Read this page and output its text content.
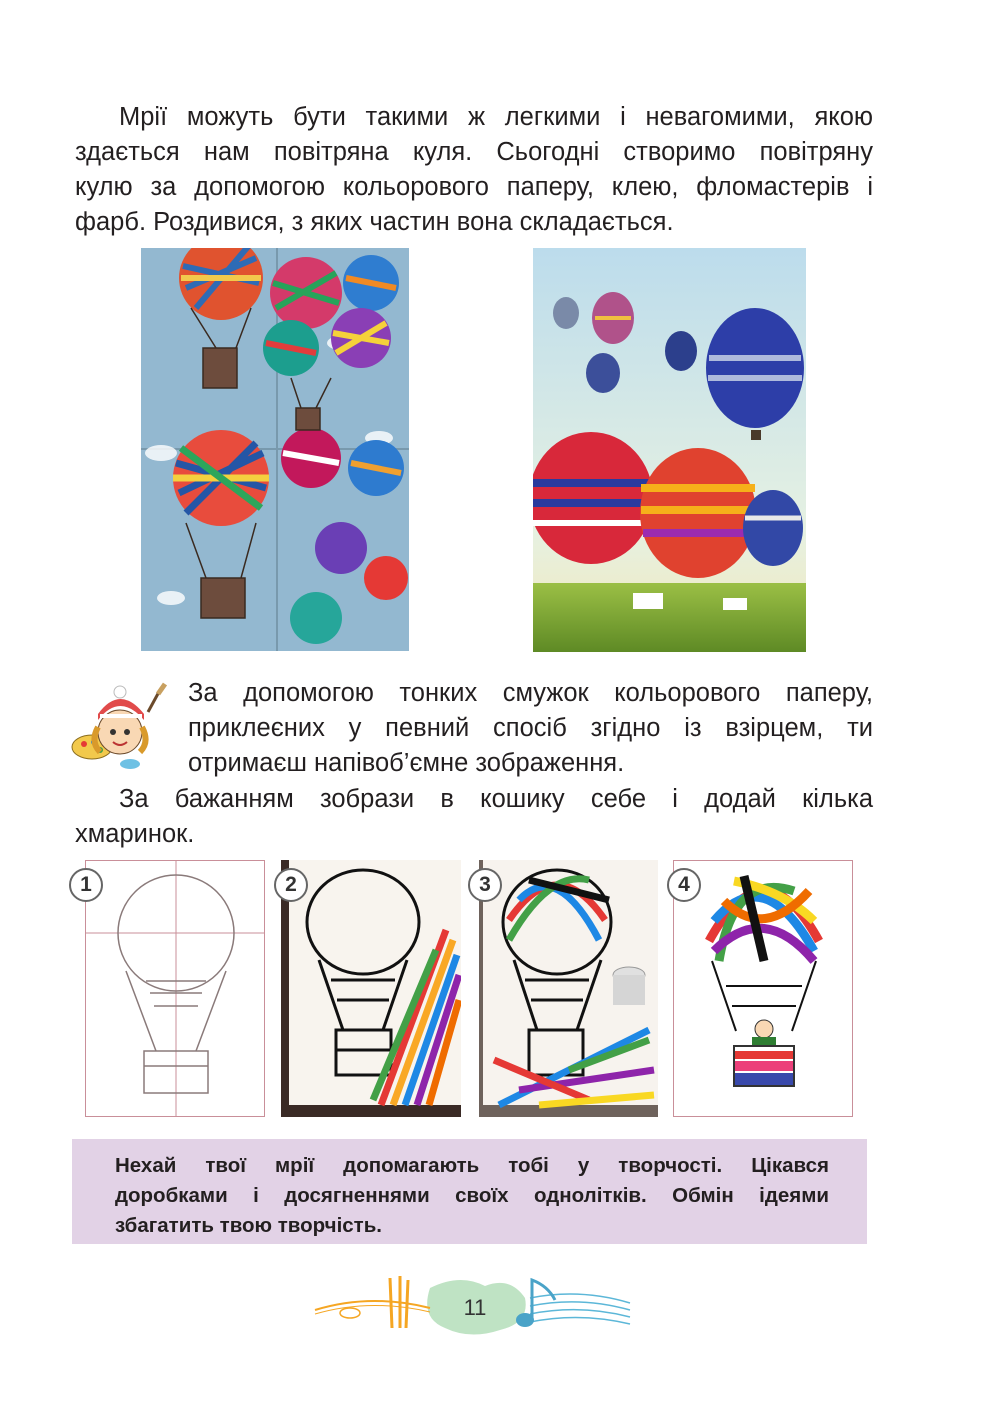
Мрії можуть бути такими ж легкими і невагомими, якою
здається нам повітряна куля. Сьогодні створимо повітряну
кулю за допомогою кольорового паперу, клею, фломастерів і
фарб. Роздивися, з яких частин вона складається.
За допомогою тонких смужок кольорового паперу,
приклеєних у певний спосіб згідно із взірцем, ти
отримаєш напівоб’ємне зображення.
За бажанням зобрази в кошику себе і додай кілька
хмаринок.
1	2	3	4

Нехай твої мрії допомагають тобі у творчості. Цікався
доробками і досягненнями своїх однолітків. Обмін ідеями
збагатить твою творчість.

11
